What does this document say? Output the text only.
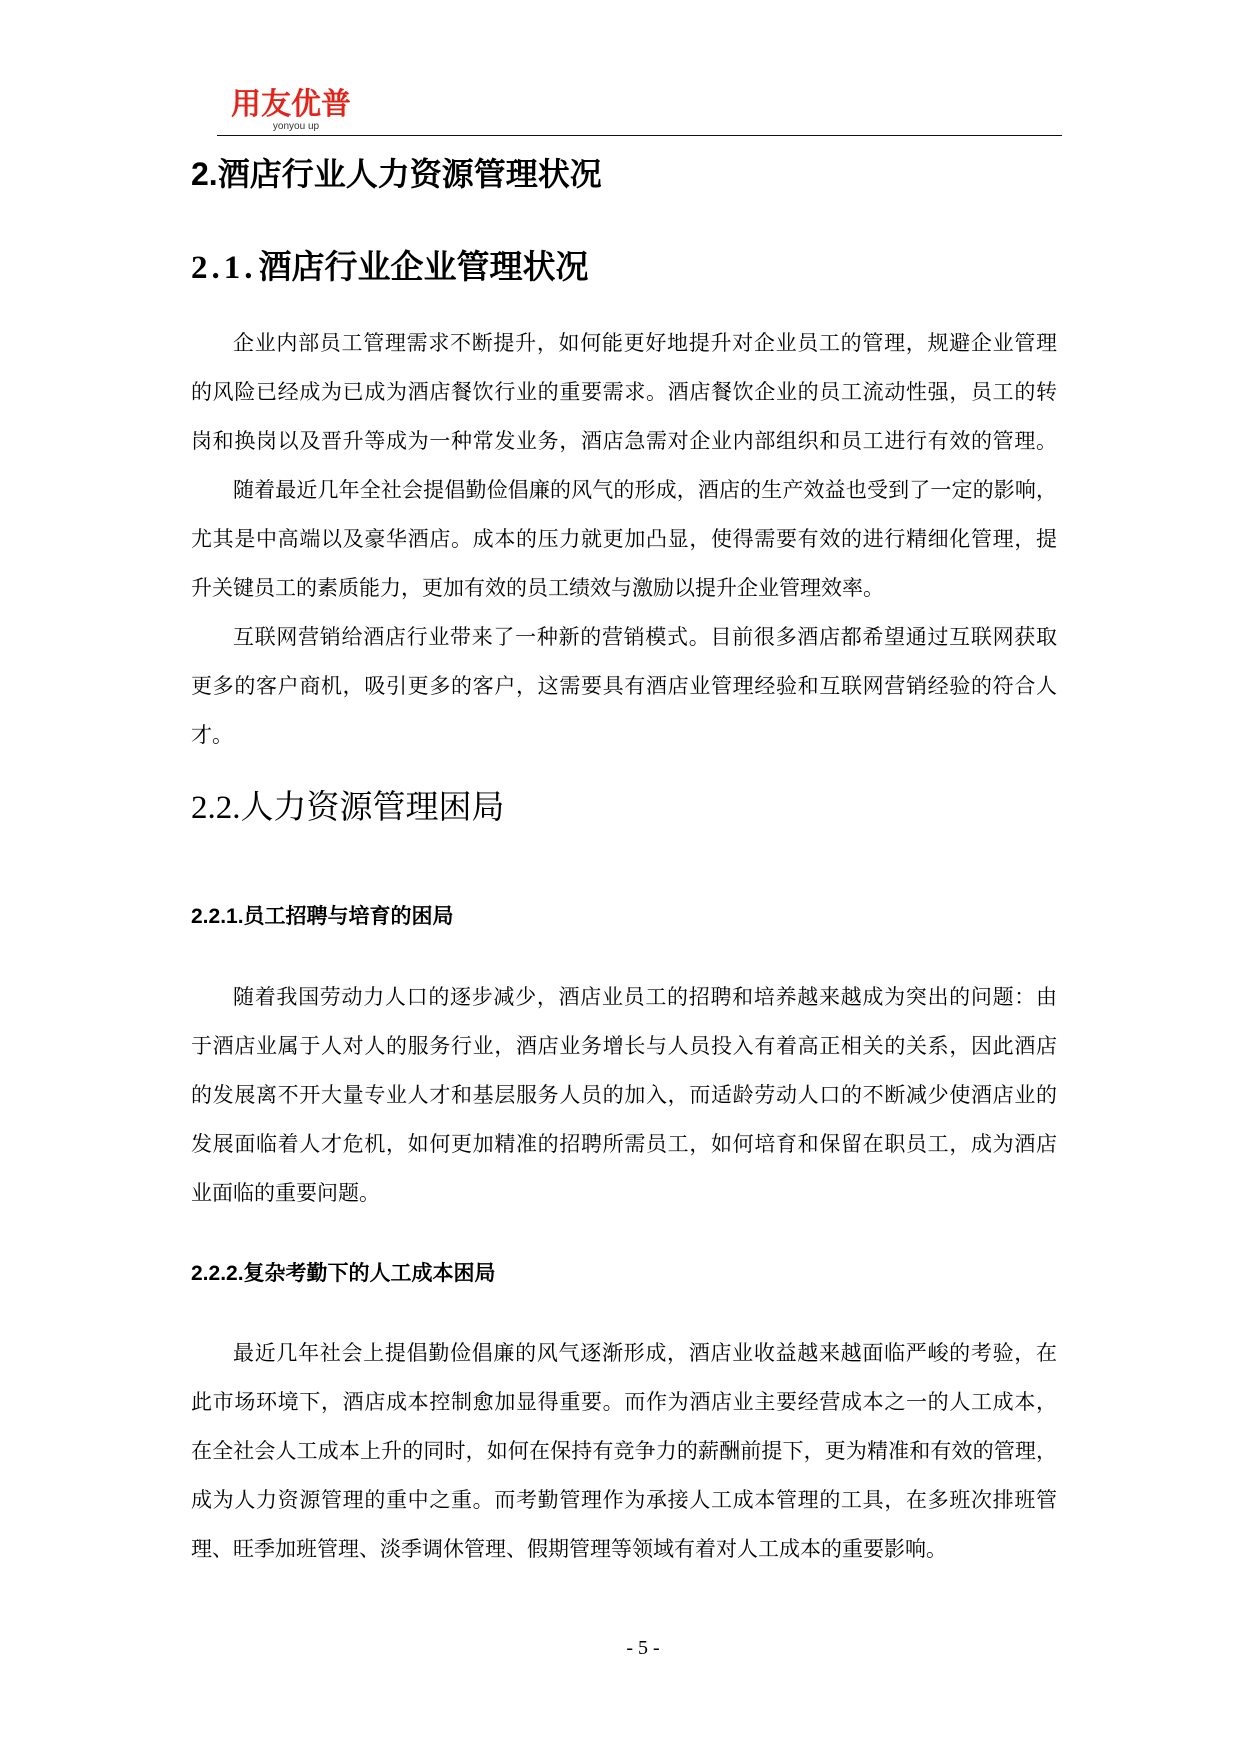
用友优普
yonyou up
2.酒店行业人力资源管理状况
2.1.酒店行业企业管理状况
企业内部员工管理需求不断提升，如何能更好地提升对企业员工的管理，规避企业管理
的风险已经成为已成为酒店餐饮行业的重要需求。酒店餐饮企业的员工流动性强，员工的转
岗和换岗以及晋升等成为一种常发业务，酒店急需对企业内部组织和员工进行有效的管理。
随着最近几年全社会提倡勤俭倡廉的风气的形成，酒店的生产效益也受到了一定的影响，
尤其是中高端以及豪华酒店。成本的压力就更加凸显，使得需要有效的进行精细化管理，提
升关键员工的素质能力，更加有效的员工绩效与激励以提升企业管理效率。
互联网营销给酒店行业带来了一种新的营销模式。目前很多酒店都希望通过互联网获取
更多的客户商机，吸引更多的客户，这需要具有酒店业管理经验和互联网营销经验的符合人
才。
2.2.人力资源管理困局
2.2.1.员工招聘与培育的困局
随着我国劳动力人口的逐步减少，酒店业员工的招聘和培养越来越成为突出的问题：由
于酒店业属于人对人的服务行业，酒店业务增长与人员投入有着高正相关的关系，因此酒店
的发展离不开大量专业人才和基层服务人员的加入，而适龄劳动人口的不断减少使酒店业的
发展面临着人才危机，如何更加精准的招聘所需员工，如何培育和保留在职员工，成为酒店
业面临的重要问题。
2.2.2.复杂考勤下的人工成本困局
最近几年社会上提倡勤俭倡廉的风气逐渐形成，酒店业收益越来越面临严峻的考验，在
此市场环境下，酒店成本控制愈加显得重要。而作为酒店业主要经营成本之一的人工成本，
在全社会人工成本上升的同时，如何在保持有竞争力的薪酬前提下，更为精准和有效的管理，
成为人力资源管理的重中之重。而考勤管理作为承接人工成本管理的工具，在多班次排班管
理、旺季加班管理、淡季调休管理、假期管理等领域有着对人工成本的重要影响。
- 5 -
